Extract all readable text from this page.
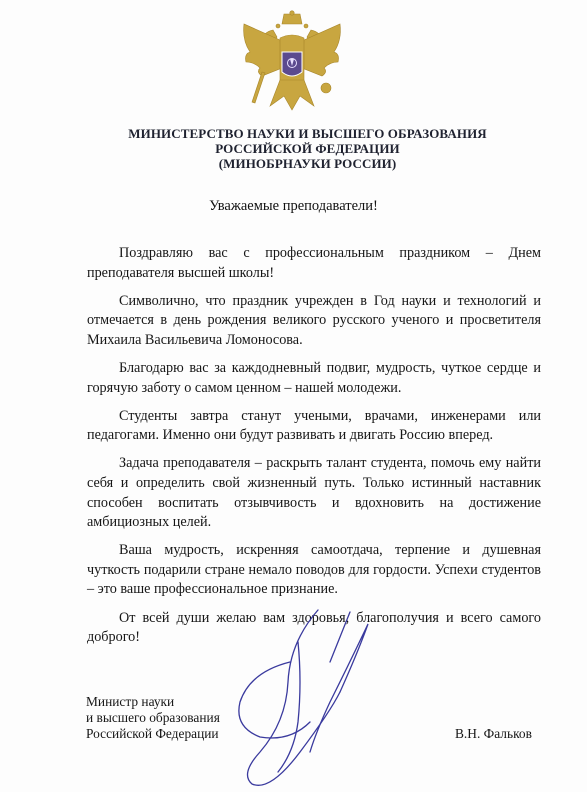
МИНИСТЕРСТВО НАУКИ И ВЫСШЕГО ОБРАЗОВАНИЯ
РОССИЙСКОЙ ФЕДЕРАЦИИ
(МИНОБРНАУКИ РОССИИ)
Уважаемые преподаватели!

Поздравляю вас с профессиональным праздником – Днем преподавателя высшей школы!

Символично, что праздник учрежден в Год науки и технологий и отмечается в день рождения великого русского ученого и просветителя Михаила Васильевича Ломоносова.

Благодарю вас за каждодневный подвиг, мудрость, чуткое сердце и горячую заботу о самом ценном – нашей молодежи.

Студенты завтра станут учеными, врачами, инженерами или педагогами. Именно они будут развивать и двигать Россию вперед.

Задача преподавателя – раскрыть талант студента, помочь ему найти себя и определить свой жизненный путь. Только истинный наставник способен воспитать отзывчивость и вдохновить на достижение амбициозных целей.

Ваша мудрость, искренняя самоотдача, терпение и душевная чуткость подарили стране немало поводов для гордости. Успехи студентов – это ваше профессиональное признание.

От всей души желаю вам здоровья, благополучия и всего самого доброго!

Министр науки
и высшего образования
Российской Федерации	В.Н. Фальков
